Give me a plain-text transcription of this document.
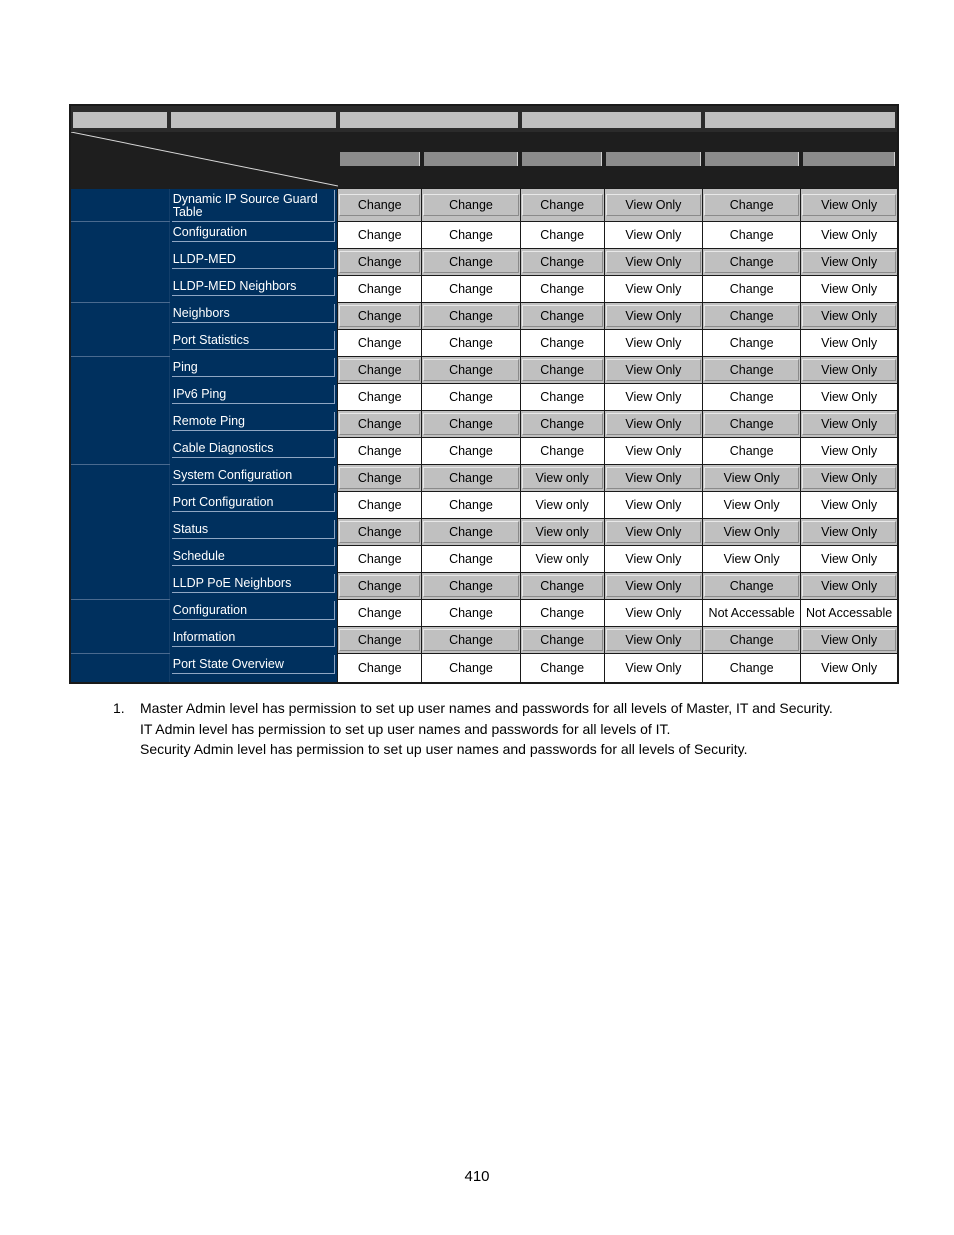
	Dynamic IP Source Guard Table	Change	Change	Change	View Only	Change	View Only

	Configuration	Change	Change	Change	View Only	Change	View Only

	LLDP-MED	Change	Change	Change	View Only	Change	View Only

	LLDP-MED Neighbors	Change	Change	Change	View Only	Change	View Only

	Neighbors	Change	Change	Change	View Only	Change	View Only

	Port Statistics	Change	Change	Change	View Only	Change	View Only

	Ping	Change	Change	Change	View Only	Change	View Only

	IPv6 Ping	Change	Change	Change	View Only	Change	View Only

	Remote Ping	Change	Change	Change	View Only	Change	View Only

	Cable Diagnostics	Change	Change	Change	View Only	Change	View Only

	System Configuration	Change	Change	View only	View Only	View Only	View Only

	Port Configuration	Change	Change	View only	View Only	View Only	View Only

	Status	Change	Change	View only	View Only	View Only	View Only

	Schedule	Change	Change	View only	View Only	View Only	View Only

	LLDP PoE Neighbors	Change	Change	Change	View Only	Change	View Only

	Configuration	Change	Change	Change	View Only	Not Accessable	Not Accessable

	Information	Change	Change	Change	View Only	Change	View Only

	Port State Overview	Change	Change	Change	View Only	Change	View Only
1. Master Admin level has permission to set up user names and passwords for all levels of Master, IT and Security.
IT Admin level has permission to set up user names and passwords for all levels of IT.
Security Admin level has permission to set up user names and passwords for all levels of Security.
410
